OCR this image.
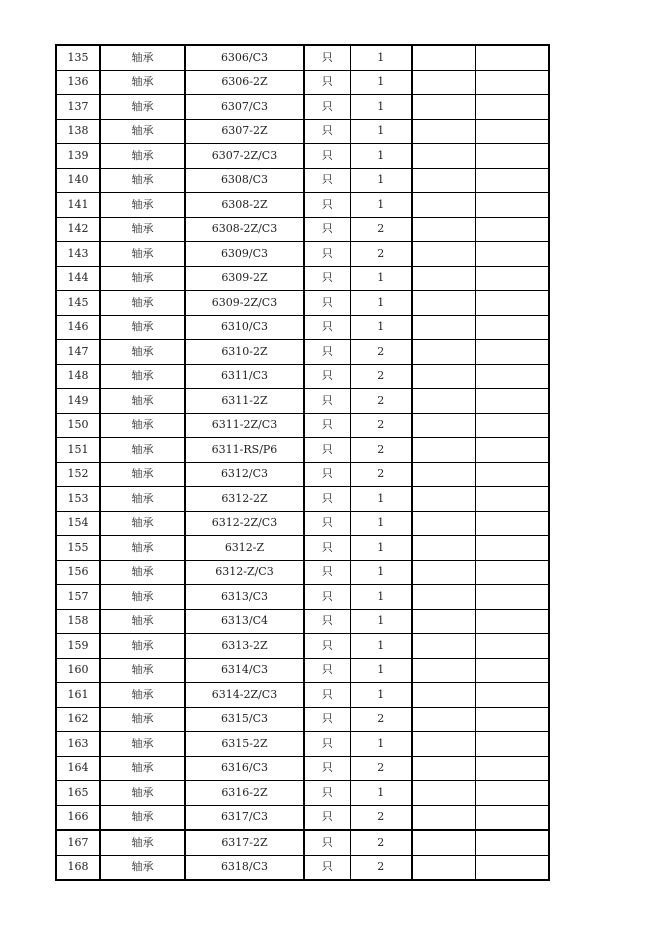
135	轴承	6306/C3	只	1		
136	轴承	6306-2Z	只	1		
137	轴承	6307/C3	只	1		
138	轴承	6307-2Z	只	1		
139	轴承	6307-2Z/C3	只	1		
140	轴承	6308/C3	只	1		
141	轴承	6308-2Z	只	1		
142	轴承	6308-2Z/C3	只	2		
143	轴承	6309/C3	只	2		
144	轴承	6309-2Z	只	1		
145	轴承	6309-2Z/C3	只	1		
146	轴承	6310/C3	只	1		
147	轴承	6310-2Z	只	2		
148	轴承	6311/C3	只	2		
149	轴承	6311-2Z	只	2		
150	轴承	6311-2Z/C3	只	2		
151	轴承	6311-RS/P6	只	2		
152	轴承	6312/C3	只	2		
153	轴承	6312-2Z	只	1		
154	轴承	6312-2Z/C3	只	1		
155	轴承	6312-Z	只	1		
156	轴承	6312-Z/C3	只	1		
157	轴承	6313/C3	只	1		
158	轴承	6313/C4	只	1		
159	轴承	6313-2Z	只	1		
160	轴承	6314/C3	只	1		
161	轴承	6314-2Z/C3	只	1		
162	轴承	6315/C3	只	2		
163	轴承	6315-2Z	只	1		
164	轴承	6316/C3	只	2		
165	轴承	6316-2Z	只	1		
166	轴承	6317/C3	只	2		
167	轴承	6317-2Z	只	2		
168	轴承	6318/C3	只	2		
